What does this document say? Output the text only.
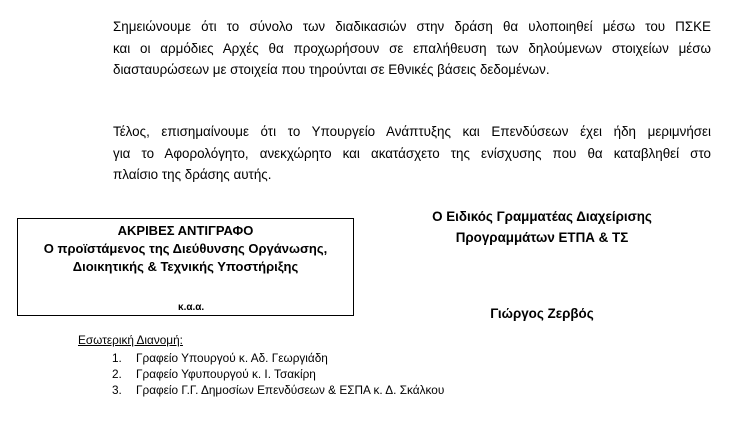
Σημειώνουμε ότι το σύνολο των διαδικασιών στην δράση θα υλοποιηθεί μέσω του ΠΣΚΕ
και οι αρμόδιες Αρχές θα προχωρήσουν σε επαλήθευση των δηλούμενων στοιχείων μέσω
διασταυρώσεων με στοιχεία που τηρούνται σε Εθνικές βάσεις δεδομένων.

Τέλος, επισημαίνουμε ότι το Υπουργείο Ανάπτυξης και Επενδύσεων έχει ήδη μεριμνήσει
για το Αφορολόγητο, ανεκχώρητο και ακατάσχετο της ενίσχυσης που θα καταβληθεί στο
πλαίσιο της δράσης αυτής.

ΑΚΡΙΒΕΣ ΑΝΤΙΓΡΑΦΟ
Ο προϊστάμενος της Διεύθυνσης Οργάνωσης,
Διοικητικής & Τεχνικής Υποστήριξης
κ.α.α.
Ο Ειδικός Γραμματέας Διαχείρισης
Προγραμμάτων ΕΤΠΑ & ΤΣ
Γιώργος Ζερβός
Εσωτερική Διανομή:
1. Γραφείο Υπουργού κ. Αδ. Γεωργιάδη
2. Γραφείο Υφυπουργού κ. Ι. Τσακίρη
3. Γραφείο Γ.Γ. Δημοσίων Επενδύσεων & ΕΣΠΑ κ. Δ. Σκάλκου
